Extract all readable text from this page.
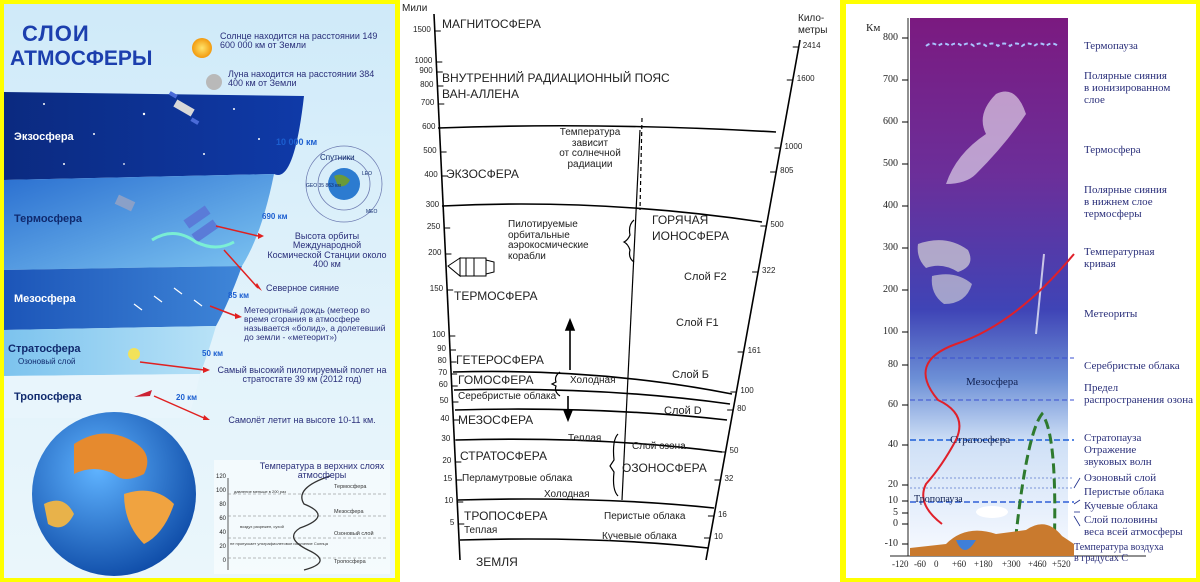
СЛОИ
АТМОСФЕРЫ
Солнце находится на расстоянии 149 600 000 км от Земли
Луна находится на расстоянии 384 400 км от Земли
Экзосфера
Термосфера
Мезосфера
Стратосфера
Озоновый слой
Тропосфера
10 000 км
690 км
85 км
50 км
20 км
Спутники
GEO 35 863 км
LEO
MEO
Высота орбиты Международной Космической Станции около 400 км
Северное сияние
Метеоритный дождь (метеор во время сгорания в атмосфере называется «болид», а долетевший до земли - «метеорит»)
Самый высокий пилотируемый полет на стратостате 39 км (2012 год)
Самолёт летит на высоте 10-11 км.
Температура в верхних слоях атмосферы
120
100
80
60
40
20
0
Термосфера
Мезосфера
Озоновый слой
Тропосфера
давление меньше в 200 раз
воздух разрежен, сухой
не пропускает ультрафиолетовое излучение Солнца
Мили
Кило-
метры
1500
1000
900
800
700
600
500
400
300
250
200
150
100
90
80
70
60
50
40
30
20
15
10
5
2414
1600
1000
805
500
322
161
100
80
50
32
16
10
МАГНИТОСФЕРА
ВНУТРЕННИЙ РАДИАЦИОННЫЙ ПОЯС
ВАН-АЛЛЕНА
ЭКЗОСФЕРА
Температура
зависит
от солнечной
радиации
ГОРЯЧАЯ
ИОНОСФЕРА
Пилотируемые
орбитальные
аэрокосмические
корабли
ТЕРМОСФЕРА
Слой F2
Слой F1
Слой Б
Слой D
ГЕТЕРОСФЕРА
ГОМОСФЕРА	Холодная
Серебристые облака
МЕЗОСФЕРА
Теплая
Слой озона
СТРАТОСФЕРА
ОЗОНОСФЕРА
Перламутровые облака
Холодная
ТРОПОСФЕРА	Перистые облака
Теплая
Кучевые облака
ЗЕМЛЯ
Км
800
700
600
500
400
300
200
100
80
60
40
20
10
5
0
-10
-120 -60 0 +60 +180 +300 +460 +520
Термопауза
Полярные сияния
в ионизированном
слое
Термосфера
Полярные сияния
в нижнем слое
термосферы
Температурная
кривая
Метеориты
Серебристые облака
Предел
распространения озона
Стратопауза
Отражение
звуковых волн
Озоновый слой
Перистые облака
Кучевые облака
Слой половины
веса всей атмосферы
Температура воздуха
в градусах С
Мезосфера
Стратосфера
Тропопауза
